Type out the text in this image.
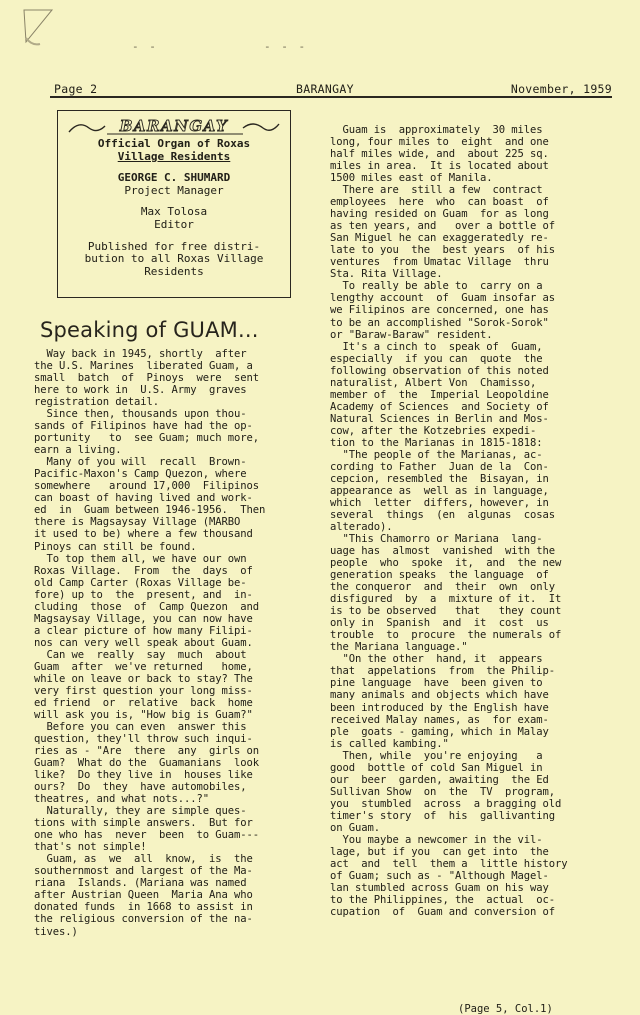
- -	- - -
Page 2	BARANGAY	November, 1959
BARANGAY
Official Organ of Roxas
Village Residents
GEORGE C. SHUMARD
Project Manager
Max Tolosa
Editor
Published for free distri-
bution to all Roxas Village
Residents
Speaking of GUAM...
Way back in 1945, shortly  after
the U.S. Marines  liberated Guam, a
small  batch  of  Pinoys  were  sent
here to work in  U.S. Army  graves
registration detail.
Since then, thousands upon thou-
sands of Filipinos have had the op-
portunity   to  see Guam; much more,
earn a living.
Many of you will  recall  Brown-
Pacific-Maxon's Camp Quezon, where
somewhere   around 17,000  Filipinos
can boast of having lived and work-
ed  in  Guam between 1946-1956.  Then
there is Magsaysay Village (MARBO
it used to be) where a few thousand
Pinoys can still be found.
To top them all, we have our own
Roxas Village.  From  the  days  of
old Camp Carter (Roxas Village be-
fore) up to  the  present, and  in-
cluding  those  of  Camp Quezon  and
Magsaysay Village, you can now have
a clear picture of how many Filipi-
nos can very well speak about Guam.
Can we  really  say  much  about
Guam  after  we've returned   home,
while on leave or back to stay? The
very first question your long miss-
ed friend  or  relative  back  home
will ask you is, "How big is Guam?"
Before you can even  answer this
question, they'll throw such inqui-
ries as - "Are  there  any  girls on
Guam?  What do the  Guamanians  look
like?  Do they live in  houses like
ours?  Do  they  have automobiles,
theatres, and what nots...?"
Naturally, they are simple ques-
tions with simple answers.  But for
one who has  never  been  to Guam---
that's not simple!
Guam, as  we  all  know,  is  the
southernmost and largest of the Ma-
riana  Islands. (Mariana was named
after Austrian Queen  Maria Ana who
donated funds  in 1668 to assist in
the religious conversion of the na-
tives.)
Guam is  approximately  30 miles
long, four miles to  eight  and one
half miles wide, and  about 225 sq.
miles in area.  It is located about
1500 miles east of Manila.
There are  still a few  contract
employees  here  who  can boast  of
having resided on Guam  for as long
as ten years, and   over a bottle of
San Miguel he can exaggeratedly re-
late to you  the  best years  of his
ventures  from Umatac Village  thru
Sta. Rita Village.
To really be able to  carry on a
lengthy account  of  Guam insofar as
we Filipinos are concerned, one has
to be an accomplished "Sorok-Sorok"
or "Baraw-Baraw" resident.
It's a cinch to  speak of  Guam,
especially  if you can  quote  the
following observation of this noted
naturalist, Albert Von  Chamisso,
member of  the  Imperial Leopoldine
Academy of Sciences  and Society of
Natural Sciences in Berlin and Mos-
cow, after the Kotzebries expedi-
tion to the Marianas in 1815-1818:
"The people of the Marianas, ac-
cording to Father  Juan de la  Con-
cepcion, resembled the  Bisayan, in
appearance as  well as in language,
which  letter  differs, however, in
several  things  (en  algunas  cosas
alterado).
"This Chamorro or Mariana  lang-
uage has  almost  vanished  with the
people  who  spoke  it,  and  the new
generation speaks  the language  of
the conqueror  and  their  own  only
disfigured  by  a  mixture of it.  It
is to be observed   that   they count
only in  Spanish  and  it  cost  us
trouble  to  procure  the numerals of
the Mariana language."
"On the other  hand, it  appears
that  appelations  from  the Philip-
pine language  have  been given to
many animals and objects which have
been introduced by the English have
received Malay names, as  for exam-
ple  goats - gaming, which in Malay
is called kambing."
Then, while  you're enjoying   a
good  bottle of cold San Miguel in
our  beer  garden, awaiting  the Ed
Sullivan Show  on  the  TV  program,
you  stumbled  across  a bragging old
timer's story  of  his  gallivanting
on Guam.
You maybe a newcomer in the vil-
lage, but if you  can get into  the
act  and  tell  them a  little history
of Guam; such as - "Although Magel-
lan stumbled across Guam on his way
to the Philippines, the  actual  oc-
cupation  of  Guam and conversion of
(Page 5, Col.1)
